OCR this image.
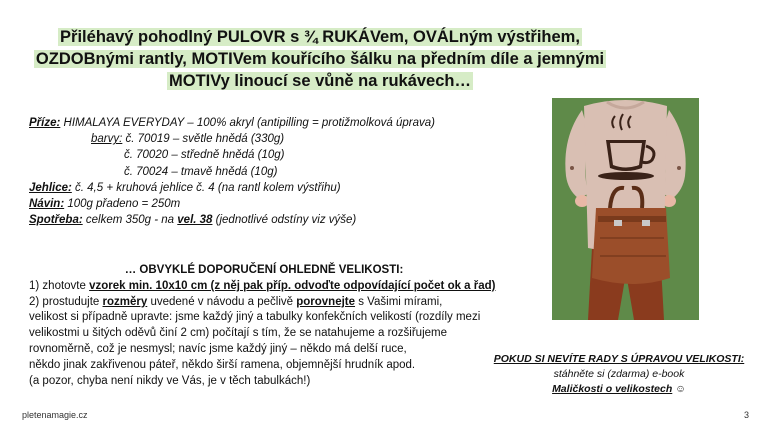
Přiléhavý pohodlný PULOVR s ¾ RUKÁVem, OVÁLným výstřihem,
OZDOBnými rantly, MOTIVem kouřícího šálku na předním díle a jemnými
MOTIVy linoucí se vůně na rukávech…
Příze: HIMALAYA EVERYDAY – 100% akryl (antipilling = protižmolková úprava)
barvy: č. 70019 – světle hnědá (330g)
č. 70020 – středně hnědá (10g)
č. 70024 – tmavě hnědá (10g)
Jehlice: č. 4,5 + kruhová jehlice č. 4 (na rantl kolem výstřihu)
Návin: 100g přadeno = 250m
Spotřeba: celkem 350g - na vel. 38 (jednotlivé odstíny viz výše)
… OBVYKLÉ DOPORUČENÍ OHLEDNĚ VELIKOSTI:
1) zhotovte vzorek min. 10x10 cm (z něj pak příp. odvoďte odpovídající počet ok a řad)
2) prostudujte rozměry uvedené v návodu a pečlivě porovnejte s Vašimi mírami,
velikost si případně upravte: jsme každý jiný a tabulky konfekčních velikostí (rozdíly mezi
velikostmi u šitých oděvů činí 2 cm) počítají s tím, že se natahujeme a rozšiřujeme
rovnoměrně, což je nesmysl; navíc jsme každý jiný – někdo má delší ruce,
někdo jinak zakřivenou páteř, někdo širší ramena, objemnější hrudník apod.
(a pozor, chyba není nikdy ve Vás, je v těch tabulkách!)
POKUD SI NEVÍTE RADY S ÚPRAVOU VELIKOSTI:
stáhněte si (zdarma) e-book
Maličkosti o velikostech ☺
pletenamagie.cz	3
